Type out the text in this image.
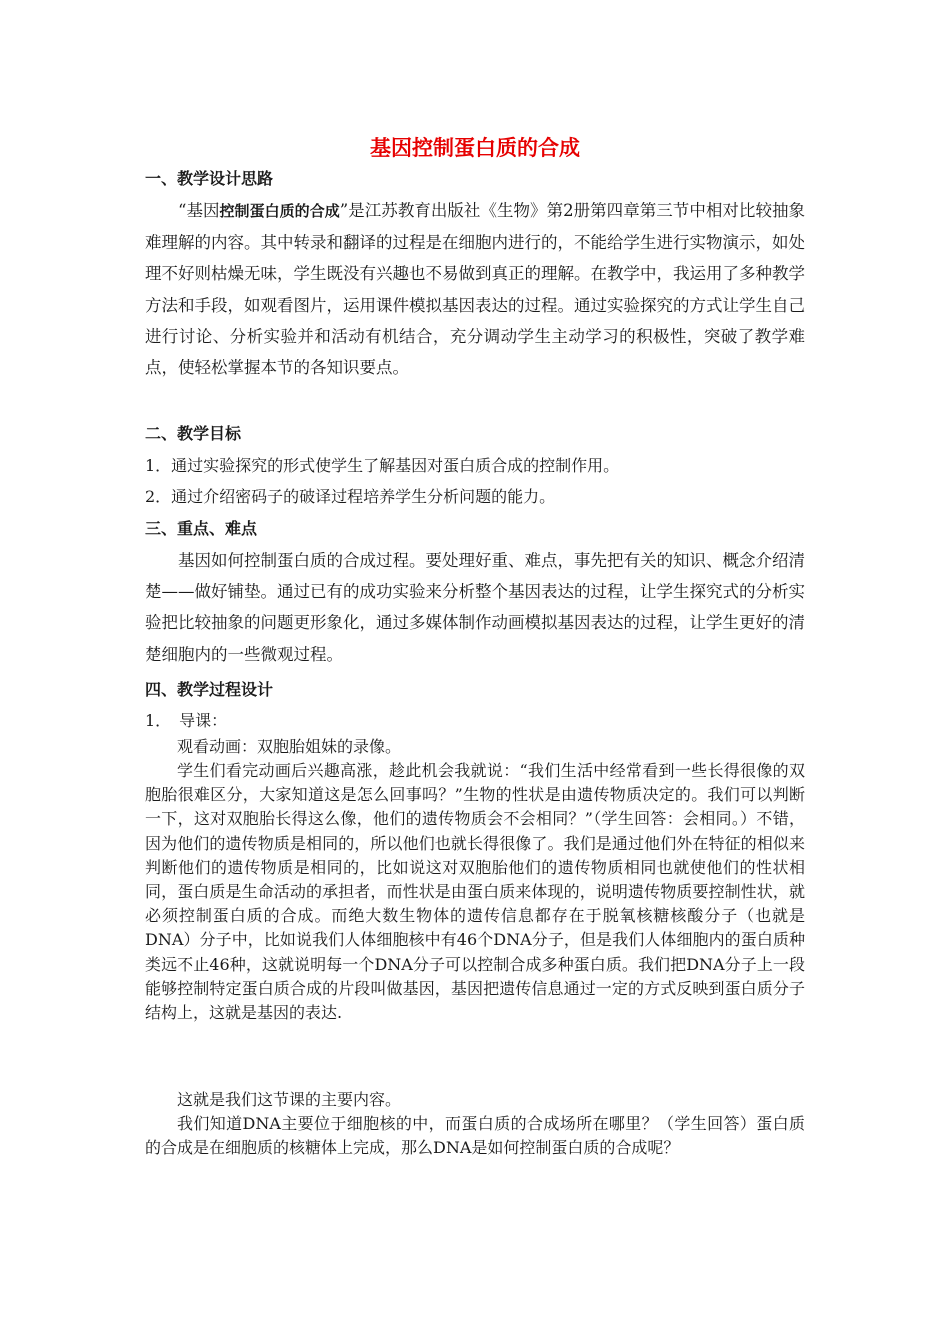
基因控制蛋白质的合成
一、教学设计思路
“基因控制蛋白质的合成”是江苏教育出版社《生物》第2册第四章第三节中相对比较抽象难理解的内容。其中转录和翻译的过程是在细胞内进行的，不能给学生进行实物演示，如处理不好则枯燥无味，学生既没有兴趣也不易做到真正的理解。在教学中，我运用了多种教学方法和手段，如观看图片，运用课件模拟基因表达的过程。通过实验探究的方式让学生自己进行讨论、分析实验并和活动有机结合，充分调动学生主动学习的积极性，突破了教学难点，使轻松掌握本节的各知识要点。
二、教学目标
1．通过实验探究的形式使学生了解基因对蛋白质合成的控制作用。
2．通过介绍密码子的破译过程培养学生分析问题的能力。
三、重点、难点
基因如何控制蛋白质的合成过程。要处理好重、难点，事先把有关的知识、概念介绍清楚——做好铺垫。通过已有的成功实验来分析整个基因表达的过程，让学生探究式的分析实验把比较抽象的问题更形象化，通过多媒体制作动画模拟基因表达的过程，让学生更好的清楚细胞内的一些微观过程。
四、教学过程设计
1．　导课：
观看动画：双胞胎姐妹的录像。
学生们看完动画后兴趣高涨，趁此机会我就说：“我们生活中经常看到一些长得很像的双胞胎很难区分，大家知道这是怎么回事吗？”生物的性状是由遗传物质决定的。我们可以判断一下，这对双胞胎长得这么像，他们的遗传物质会不会相同？”（学生回答：会相同。）不错，因为他们的遗传物质是相同的，所以他们也就长得很像了。我们是通过他们外在特征的相似来判断他们的遗传物质是相同的，比如说这对双胞胎他们的遗传物质相同也就使他们的性状相同，蛋白质是生命活动的承担者，而性状是由蛋白质来体现的，说明遗传物质要控制性状，就必须控制蛋白质的合成。而绝大数生物体的遗传信息都存在于脱氧核糖核酸分子（也就是DNA）分子中，比如说我们人体细胞核中有46个DNA分子，但是我们人体细胞内的蛋白质种类远不止46种，这就说明每一个DNA分子可以控制合成多种蛋白质。我们把DNA分子上一段能够控制特定蛋白质合成的片段叫做基因，基因把遗传信息通过一定的方式反映到蛋白质分子结构上，这就是基因的表达.
这就是我们这节课的主要内容。
我们知道DNA主要位于细胞核的中，而蛋白质的合成场所在哪里？（学生回答）蛋白质的合成是在细胞质的核糖体上完成，那么DNA是如何控制蛋白质的合成呢？
